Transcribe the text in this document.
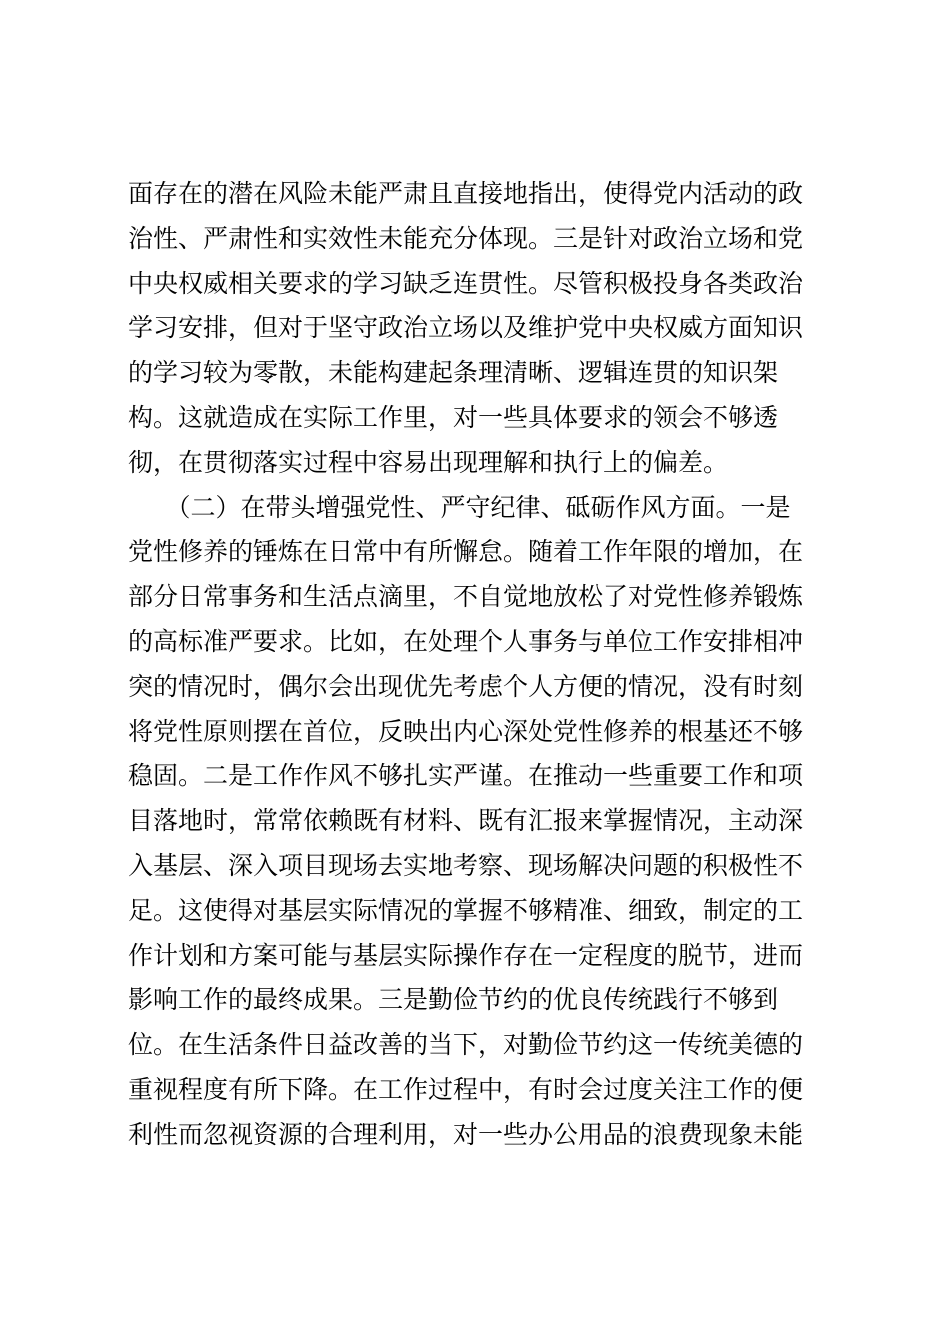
面存在的潜在风险未能严肃且直接地指出，使得党内活动的政
治性、严肃性和实效性未能充分体现。三是针对政治立场和党
中央权威相关要求的学习缺乏连贯性。尽管积极投身各类政治
学习安排，但对于坚守政治立场以及维护党中央权威方面知识
的学习较为零散，未能构建起条理清晰、逻辑连贯的知识架
构。这就造成在实际工作里，对一些具体要求的领会不够透
彻，在贯彻落实过程中容易出现理解和执行上的偏差。
　　（二）在带头增强党性、严守纪律、砥砺作风方面。一是
党性修养的锤炼在日常中有所懈怠。随着工作年限的增加，在
部分日常事务和生活点滴里，不自觉地放松了对党性修养锻炼
的高标准严要求。比如，在处理个人事务与单位工作安排相冲
突的情况时，偶尔会出现优先考虑个人方便的情况，没有时刻
将党性原则摆在首位，反映出内心深处党性修养的根基还不够
稳固。二是工作作风不够扎实严谨。在推动一些重要工作和项
目落地时，常常依赖既有材料、既有汇报来掌握情况，主动深
入基层、深入项目现场去实地考察、现场解决问题的积极性不
足。这使得对基层实际情况的掌握不够精准、细致，制定的工
作计划和方案可能与基层实际操作存在一定程度的脱节，进而
影响工作的最终成果。三是勤俭节约的优良传统践行不够到
位。在生活条件日益改善的当下，对勤俭节约这一传统美德的
重视程度有所下降。在工作过程中，有时会过度关注工作的便
利性而忽视资源的合理利用，对一些办公用品的浪费现象未能
